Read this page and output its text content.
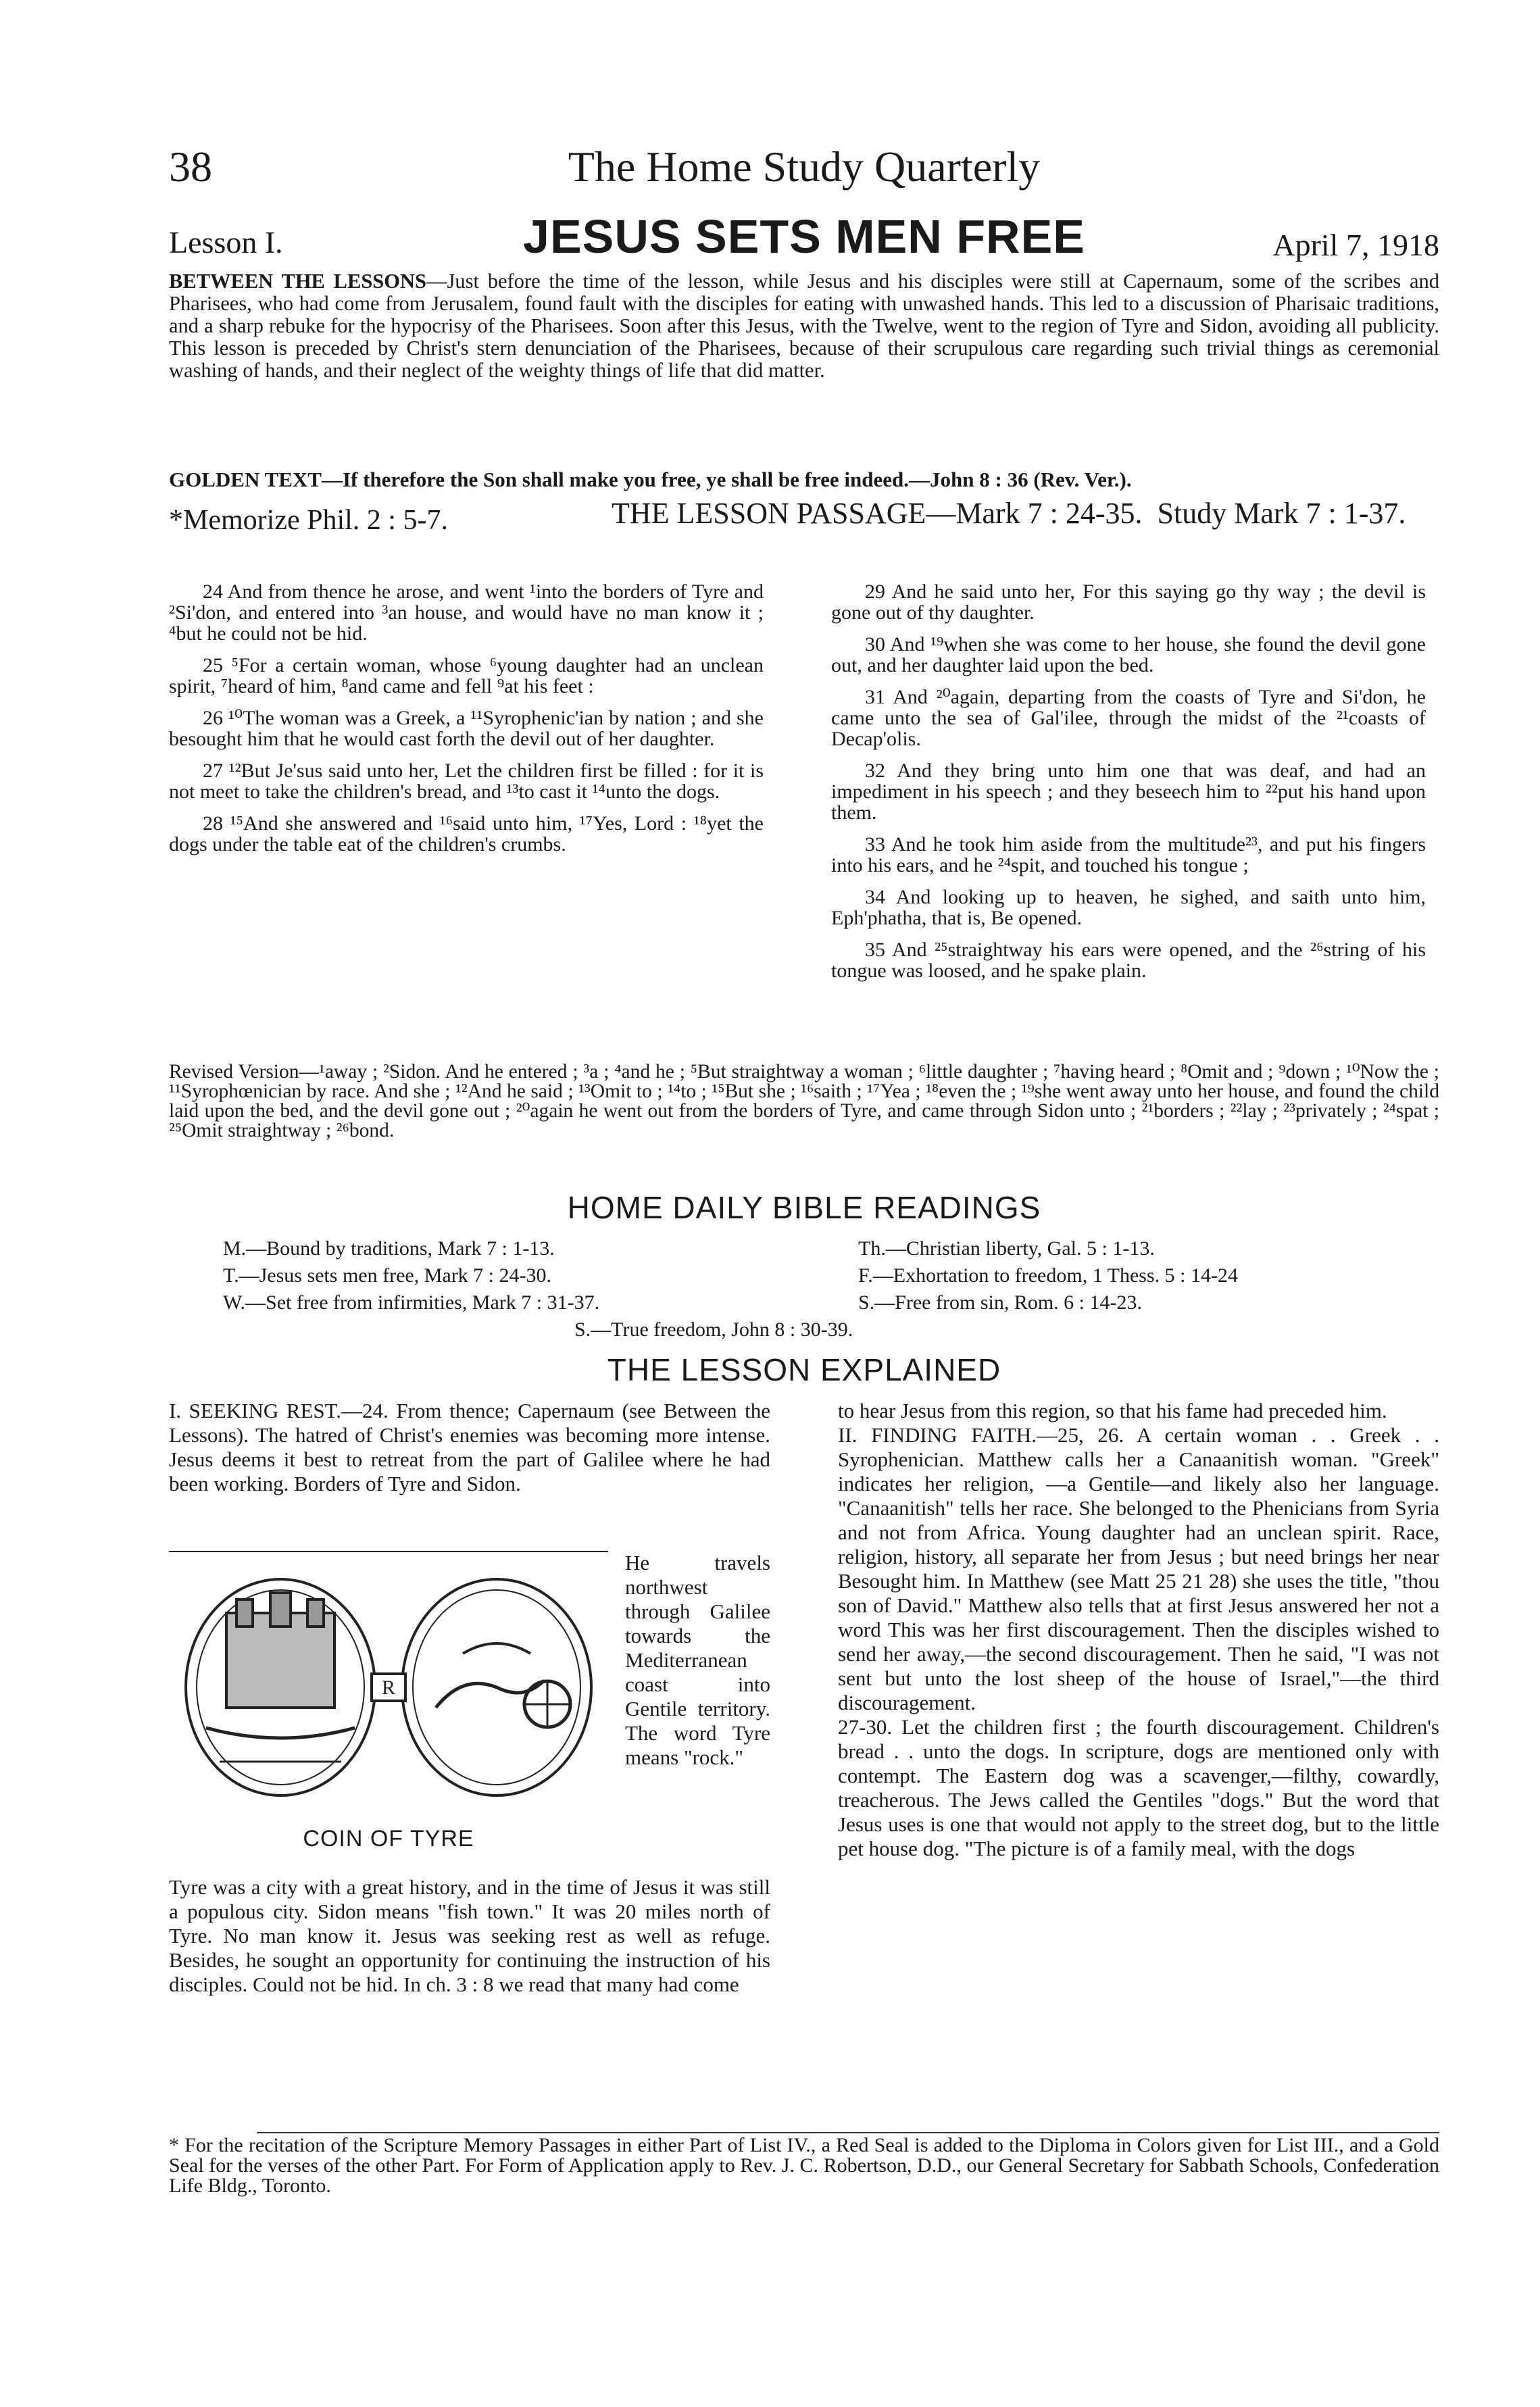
38	The Home Study Quarterly
Lesson I.	JESUS SETS MEN FREE	April 7, 1918
BETWEEN THE LESSONS—Just before the time of the lesson, while Jesus and his disciples were still at Capernaum, some of the scribes and Pharisees, who had come from Jerusalem, found fault with the disciples for eating with unwashed hands. This led to a discussion of Pharisaic traditions, and a sharp rebuke for the hypocrisy of the Pharisees. Soon after this Jesus, with the Twelve, went to the region of Tyre and Sidon, avoiding all publicity. This lesson is preceded by Christ's stern denunciation of the Pharisees, because of their scrupulous care regarding such trivial things as ceremonial washing of hands, and their neglect of the weighty things of life that did matter.
GOLDEN TEXT—If therefore the Son shall make you free, ye shall be free indeed.—John 8 : 36 (Rev. Ver.).
*Memorize Phil. 2 : 5-7.	THE LESSON PASSAGE—Mark 7 : 24-35. Study Mark 7 : 1-37.

24 And from thence he arose, and went ¹into the borders of Tyre and ²Si'don, and entered into ³an house, and would have no man know it ; ⁴but he could not be hid.

25 ⁵For a certain woman, whose ⁶young daughter had an unclean spirit, ⁷heard of him, ⁸and came and fell ⁹at his feet :

26 ¹⁰The woman was a Greek, a ¹¹Syrophenic'ian by nation ; and she besought him that he would cast forth the devil out of her daughter.

27 ¹²But Je'sus said unto her, Let the children first be filled : for it is not meet to take the children's bread, and ¹³to cast it ¹⁴unto the dogs.

28 ¹⁵And she answered and ¹⁶said unto him, ¹⁷Yes, Lord : ¹⁸yet the dogs under the table eat of the children's crumbs.

29 And he said unto her, For this saying go thy way ; the devil is gone out of thy daughter.

30 And ¹⁹when she was come to her house, she found the devil gone out, and her daughter laid upon the bed.

31 And ²⁰again, departing from the coasts of Tyre and Si'don, he came unto the sea of Gal'ilee, through the midst of the ²¹coasts of Decap'olis.

32 And they bring unto him one that was deaf, and had an impediment in his speech ; and they beseech him to ²²put his hand upon them.

33 And he took him aside from the multitude²³, and put his fingers into his ears, and he ²⁴spit, and touched his tongue ;

34 And looking up to heaven, he sighed, and saith unto him, Eph'phatha, that is, Be opened.

35 And ²⁵straightway his ears were opened, and the ²⁶string of his tongue was loosed, and he spake plain.

Revised Version—¹away ; ²Sidon. And he entered ; ³a ; ⁴and he ; ⁵But straightway a woman ; ⁶little daughter ; ⁷having heard ; ⁸Omit and ; ⁹down ; ¹⁰Now the ; ¹¹Syrophœnician by race. And she ; ¹²And he said ; ¹³Omit to ; ¹⁴to ; ¹⁵But she ; ¹⁶saith ; ¹⁷Yea ; ¹⁸even the ; ¹⁹she went away unto her house, and found the child laid upon the bed, and the devil gone out ; ²⁰again he went out from the borders of Tyre, and came through Sidon unto ; ²¹borders ; ²²lay ; ²³privately ; ²⁴spat ; ²⁵Omit straightway ; ²⁶bond.
HOME DAILY BIBLE READINGS
M.—Bound by traditions, Mark 7 : 1-13.
T.—Jesus sets men free, Mark 7 : 24-30.
W.—Set free from infirmities, Mark 7 : 31-37.
Th.—Christian liberty, Gal. 5 : 1-13.
F.—Exhortation to freedom, 1 Thess. 5 : 14-24
S.—Free from sin, Rom. 6 : 14-23.
S.—True freedom, John 8 : 30-39.
THE LESSON EXPLAINED

I. SEEKING REST.—24. From thence; Capernaum (see Between the Lessons). The hatred of Christ's enemies was becoming more intense. Jesus deems it best to retreat from the part of Galilee where he had been working. Borders of Tyre and Sidon.

R
COIN OF TYRE
He travels northwest through Galilee towards the Mediterranean coast into Gentile territory. The word Tyre means "rock."

Tyre was a city with a great history, and in the time of Jesus it was still a populous city. Sidon means "fish town." It was 20 miles north of Tyre. No man know it. Jesus was seeking rest as well as refuge. Besides, he sought an opportunity for continuing the instruction of his disciples. Could not be hid. In ch. 3 : 8 we read that many had come

to hear Jesus from this region, so that his fame had preceded him.
II. FINDING FAITH.—25, 26. A certain woman . . Greek . . Syrophenician. Matthew calls her a Canaanitish woman. "Greek" indicates her religion, —a Gentile—and likely also her language. "Canaanitish" tells her race. She belonged to the Phenicians from Syria and not from Africa. Young daughter had an unclean spirit. Race, religion, history, all separate her from Jesus ; but need brings her near Besought him. In Matthew (see Matt 25 21 28) she uses the title, "thou son of David." Matthew also tells that at first Jesus answered her not a word This was her first discouragement. Then the disciples wished to send her away,—the second discouragement. Then he said, "I was not sent but unto the lost sheep of the house of Israel,"—the third discouragement.
27-30. Let the children first ; the fourth discouragement. Children's bread . . unto the dogs. In scripture, dogs are mentioned only with contempt. The Eastern dog was a scavenger,—filthy, cowardly, treacherous. The Jews called the Gentiles "dogs." But the word that Jesus uses is one that would not apply to the street dog, but to the little pet house dog. "The picture is of a family meal, with the dogs
* For the recitation of the Scripture Memory Passages in either Part of List IV., a Red Seal is added to the Diploma in Colors given for List III., and a Gold Seal for the verses of the other Part. For Form of Application apply to Rev. J. C. Robertson, D.D., our General Secretary for Sabbath Schools, Confederation Life Bldg., Toronto.
